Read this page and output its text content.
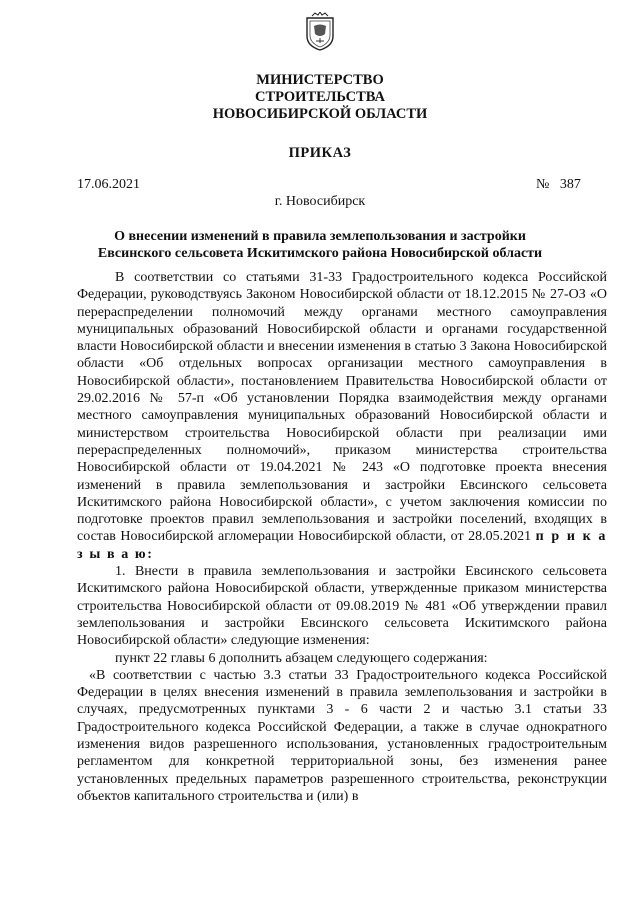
МИНИСТЕРСТВО
СТРОИТЕЛЬСТВА
НОВОСИБИРСКОЙ ОБЛАСТИ
ПРИКАЗ
17.06.2021	№   387
г. Новосибирск
О внесении изменений в правила землепользования и застройки
Евсинского сельсовета Искитимского района Новосибирской области

В соответствии со статьями 31-33 Градостроительного кодекса Российской Федерации, руководствуясь Законом Новосибирской области от 18.12.2015 № 27-ОЗ «О перераспределении полномочий между органами местного самоуправления муниципальных образований Новосибирской области и органами государственной власти Новосибирской области и внесении изменения в статью 3 Закона Новосибирской области «Об отдельных вопросах организации местного самоуправления в Новосибирской области», постановлением Правительства Новосибирской области от 29.02.2016 № 57-п «Об установлении Порядка взаимодействия между органами местного самоуправления муниципальных образований Новосибирской области и министерством строительства Новосибирской области при реализации ими перераспределенных полномочий», приказом министерства строительства Новосибирской области от 19.04.2021 № 243 «О подготовке проекта внесения изменений в правила землепользования и застройки Евсинского сельсовета Искитимского района Новосибирской области», с учетом заключения комиссии по подготовке проектов правил землепользования и застройки поселений, входящих в состав Новосибирской агломерации Новосибирской области, от 28.05.2021 п р и к а з ы в а ю:

1. Внести в правила землепользования и застройки Евсинского сельсовета Искитимского района Новосибирской области, утвержденные приказом министерства строительства Новосибирской области от 09.08.2019 № 481 «Об утверждении правил землепользования и застройки Евсинского сельсовета Искитимского района Новосибирской области» следующие изменения:

пункт 22 главы 6 дополнить абзацем следующего содержания:

«В соответствии с частью 3.3 статьи 33 Градостроительного кодекса Российской Федерации в целях внесения изменений в правила землепользования и застройки в случаях, предусмотренных пунктами 3 - 6 части 2 и частью 3.1 статьи 33 Градостроительного кодекса Российской Федерации, а также в случае однократного изменения видов разрешенного использования, установленных градостроительным регламентом для конкретной территориальной зоны, без изменения ранее установленных предельных параметров разрешенного строительства, реконструкции объектов капитального строительства и (или) в
